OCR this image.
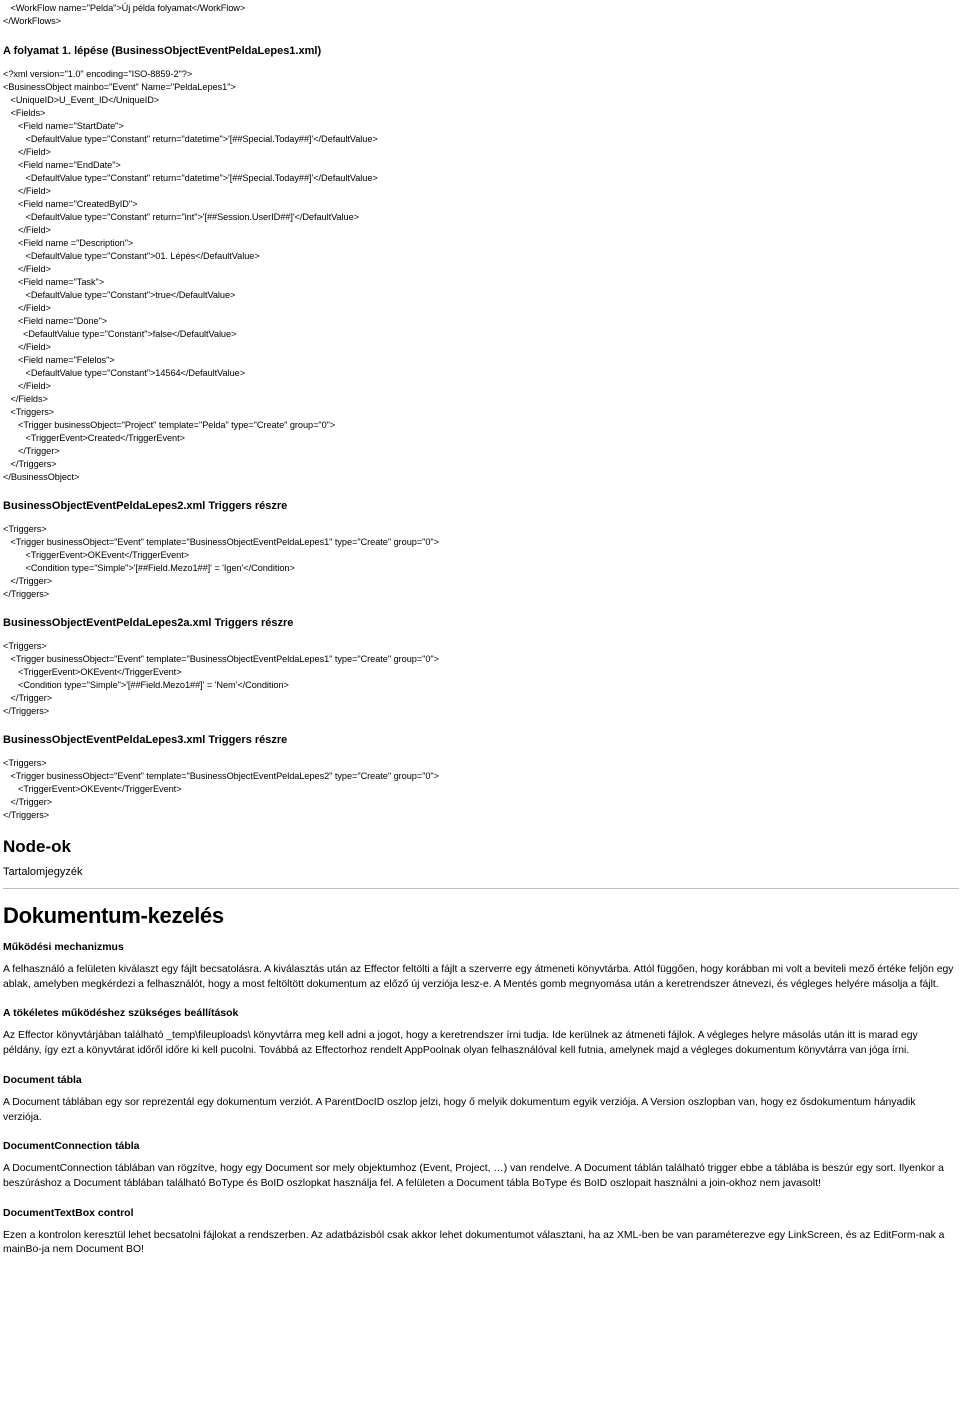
<WorkFlow name="Pelda">Új példa folyamat</WorkFlow>
</WorkFlows>
A folyamat 1. lépése (BusinessObjectEventPeldaLepes1.xml)
<?xml version="1.0" encoding="ISO-8859-2"?>
<BusinessObject mainbo="Event" Name="PeldaLepes1">
<UniqueID>U_Event_ID</UniqueID>
<Fields>
<Field name="StartDate">
<DefaultValue type="Constant" return="datetime">'[##Special.Today##]'</DefaultValue>
</Field>
<Field name="EndDate">
<DefaultValue type="Constant" return="datetime">'[##Special.Today##]'</DefaultValue>
</Field>
<Field name="CreatedByID">
<DefaultValue type="Constant" return="int">'[##Session.UserID##]'</DefaultValue>
</Field>
<Field name ="Description">
<DefaultValue type="Constant">01. Lépés</DefaultValue>
</Field>
<Field name="Task">
<DefaultValue type="Constant">true</DefaultValue>
</Field>
<Field name="Done">
<DefaultValue type="Constant">false</DefaultValue>
</Field>
<Field name="Felelos">
<DefaultValue type="Constant">14564</DefaultValue>
</Field>
</Fields>
<Triggers>
<Trigger businessObject="Project" template="Pelda" type="Create" group="0">
<TriggerEvent>Created</TriggerEvent>
</Trigger>
</Triggers>
</BusinessObject>
BusinessObjectEventPeldaLepes2.xml Triggers részre
<Triggers>
<Trigger businessObject="Event" template="BusinessObjectEventPeldaLepes1" type="Create" group="0">
<TriggerEvent>OKEvent</TriggerEvent>
<Condition type="Simple">'[##Field.Mezo1##]' = 'Igen'</Condition>
</Trigger>
</Triggers>
BusinessObjectEventPeldaLepes2a.xml Triggers részre
<Triggers>
<Trigger businessObject="Event" template="BusinessObjectEventPeldaLepes1" type="Create" group="0">
<TriggerEvent>OKEvent</TriggerEvent>
<Condition type="Simple">'[##Field.Mezo1##]' = 'Nem'</Condition>
</Trigger>
</Triggers>
BusinessObjectEventPeldaLepes3.xml Triggers részre
<Triggers>
<Trigger businessObject="Event" template="BusinessObjectEventPeldaLepes2" type="Create" group="0">
<TriggerEvent>OKEvent</TriggerEvent>
</Trigger>
</Triggers>
Node-ok
Tartalomjegyzék
Dokumentum-kezelés
Működési mechanizmus
A felhasználó a felületen kiválaszt egy fájlt becsatolásra. A kiválasztás után az Effector feltölti a fájlt a szerverre egy átmeneti könyvtárba. Attól függően, hogy korábban mi volt a beviteli mező értéke feljön egy ablak, amelyben megkérdezi a felhasználót, hogy a most feltöltött dokumentum az előző új verziója lesz-e. A Mentés gomb megnyomása után a keretrendszer átnevezi, és végleges helyére másolja a fájlt.
A tökéletes működéshez szükséges beállítások
Az Effector könyvtárjában található _temp\fileuploads\ könyvtárra meg kell adni a jogot, hogy a keretrendszer írni tudja. Ide kerülnek az átmeneti fájlok. A végleges helyre másolás után itt is marad egy példány, így ezt a könyvtárat időről időre ki kell pucolni. Továbbá az Effectorhoz rendelt AppPoolnak olyan felhasználóval kell futnia, amelynek majd a végleges dokumentum könyvtárra van jóga írni.
Document tábla
A Document táblában egy sor reprezentál egy dokumentum verziót. A ParentDocID oszlop jelzi, hogy ő melyik dokumentum egyik verziója. A Version oszlopban van, hogy ez ősdokumentum hányadik verziója.
DocumentConnection tábla
A DocumentConnection táblában van rögzítve, hogy egy Document sor mely objektumhoz (Event, Project, …) van rendelve. A Document táblán található trigger ebbe a táblába is beszúr egy sort. Ilyenkor a beszúráshoz a Document táblában található BoType és BoID oszlopkat használja fel. A felületen a Document tábla BoType és BoID oszlopait használni a join-okhoz nem javasolt!
DocumentTextBox control
Ezen a kontrolon keresztül lehet becsatolni fájlokat a rendszerben. Az adatbázisból csak akkor lehet dokumentumot választani, ha az XML-ben be van paraméterezve egy LinkScreen, és az EditForm-nak a mainBo-ja nem Document BO!
